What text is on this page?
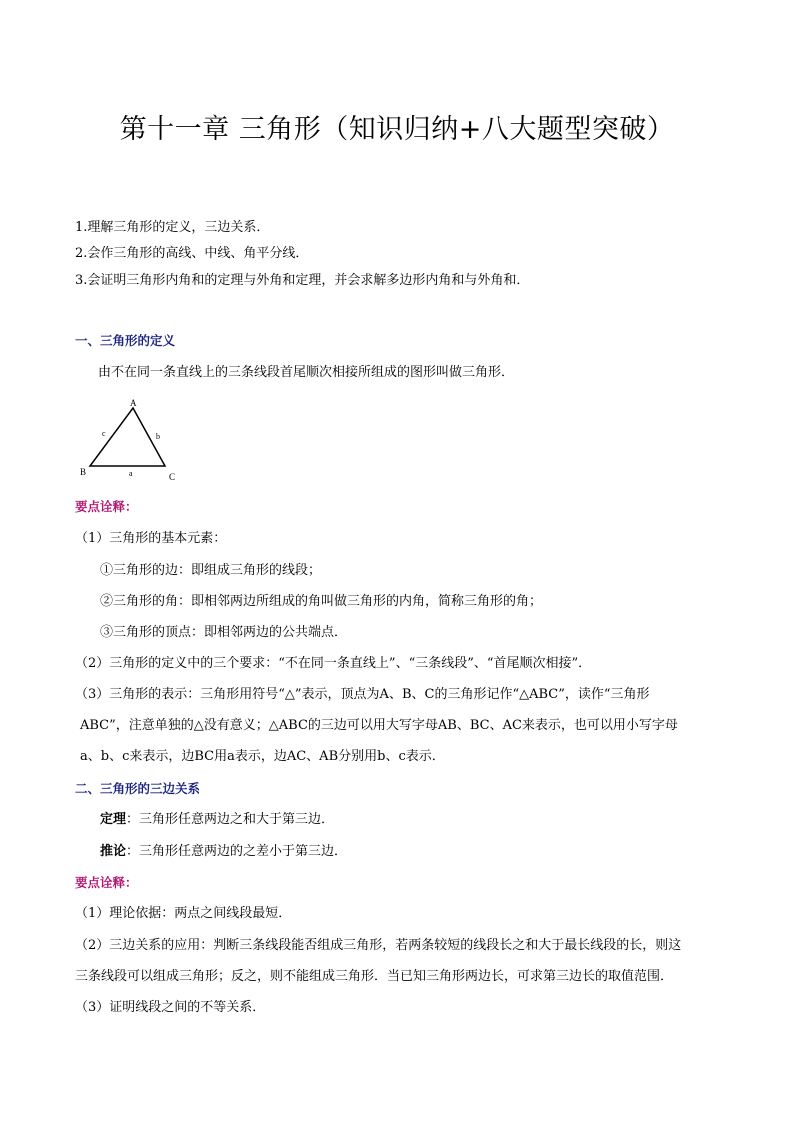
第十一章 三角形（知识归纳+八大题型突破）
1.理解三角形的定义，三边关系．
2.会作三角形的高线、中线、角平分线．
3.会证明三角形内角和的定理与外角和定理，并会求解多边形内角和与外角和．
一、三角形的定义
由不在同一条直线上的三条线段首尾顺次相接所组成的图形叫做三角形．
A
B	C
a
b
c
要点诠释：
（1）三角形的基本元素：
①三角形的边：即组成三角形的线段；
②三角形的角：即相邻两边所组成的角叫做三角形的内角，简称三角形的角；
③三角形的顶点：即相邻两边的公共端点．
（2）三角形的定义中的三个要求：“不在同一条直线上”、“三条线段”、“首尾顺次相接”．
（3）三角形的表示：三角形用符号“△”表示，顶点为A、B、C的三角形记作“△ABC”，读作“三角形
ABC”，注意单独的△没有意义；△ABC的三边可以用大写字母AB、BC、AC来表示，也可以用小写字母
a、b、c来表示，边BC用a表示，边AC、AB分别用b、c表示．
二、三角形的三边关系
定理：三角形任意两边之和大于第三边．
推论：三角形任意两边的之差小于第三边．
要点诠释：
（1）理论依据：两点之间线段最短．
（2）三边关系的应用：判断三条线段能否组成三角形，若两条较短的线段长之和大于最长线段的长，则这
三条线段可以组成三角形；反之，则不能组成三角形．当已知三角形两边长，可求第三边长的取值范围．
（3）证明线段之间的不等关系．
